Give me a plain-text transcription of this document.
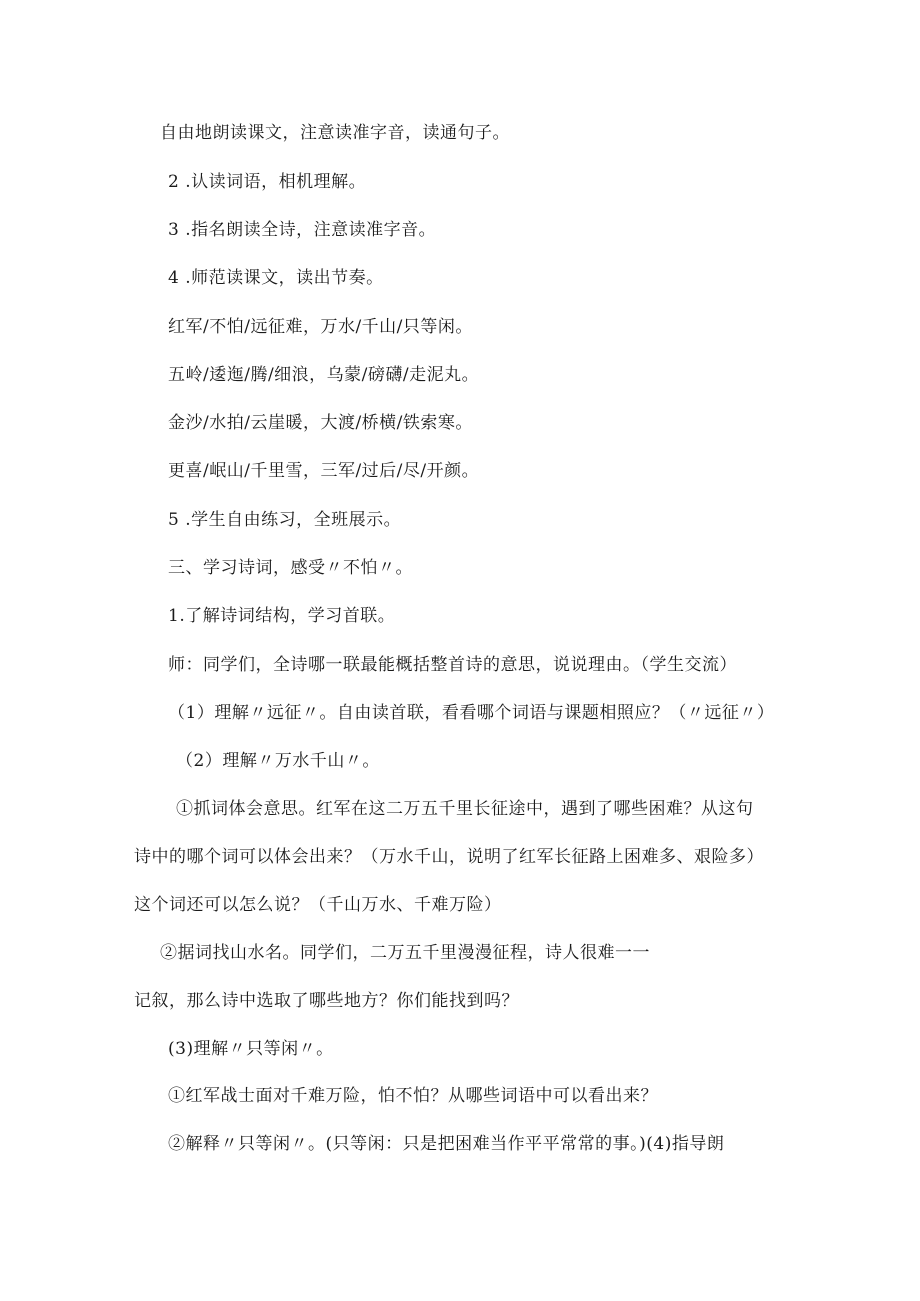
自由地朗读课文，注意读准字音，读通句子。
2 .认读词语，相机理解。
3 .指名朗读全诗，注意读准字音。
4 .师范读课文，读出节奏。
红军/不怕/远征难，万水/千山/只等闲。
五岭/逶迤/腾/细浪，乌蒙/磅礴/走泥丸。
金沙/水拍/云崖暖，大渡/桥横/铁索寒。
更喜/岷山/千里雪，三军/过后/尽/开颜。
5 .学生自由练习，全班展示。
三、学习诗词，感受〃不怕〃。
1.了解诗词结构，学习首联。
师：同学们，全诗哪一联最能概括整首诗的意思，说说理由。（学生交流）
（1）理解〃远征〃。自由读首联，看看哪个词语与课题相照应？（〃远征〃）
（2）理解〃万水千山〃。
①抓词体会意思。红军在这二万五千里长征途中，遇到了哪些困难？从这句
诗中的哪个词可以体会出来？（万水千山，说明了红军长征路上困难多、艰险多）
这个词还可以怎么说？（千山万水、千难万险）
②据词找山水名。同学们，二万五千里漫漫征程，诗人很难一一
记叙，那么诗中选取了哪些地方？你们能找到吗？
(3)理解〃只等闲〃。
①红军战士面对千难万险，怕不怕？从哪些词语中可以看出来？
②解释〃只等闲〃。(只等闲：只是把困难当作平平常常的事。)(4)指导朗
